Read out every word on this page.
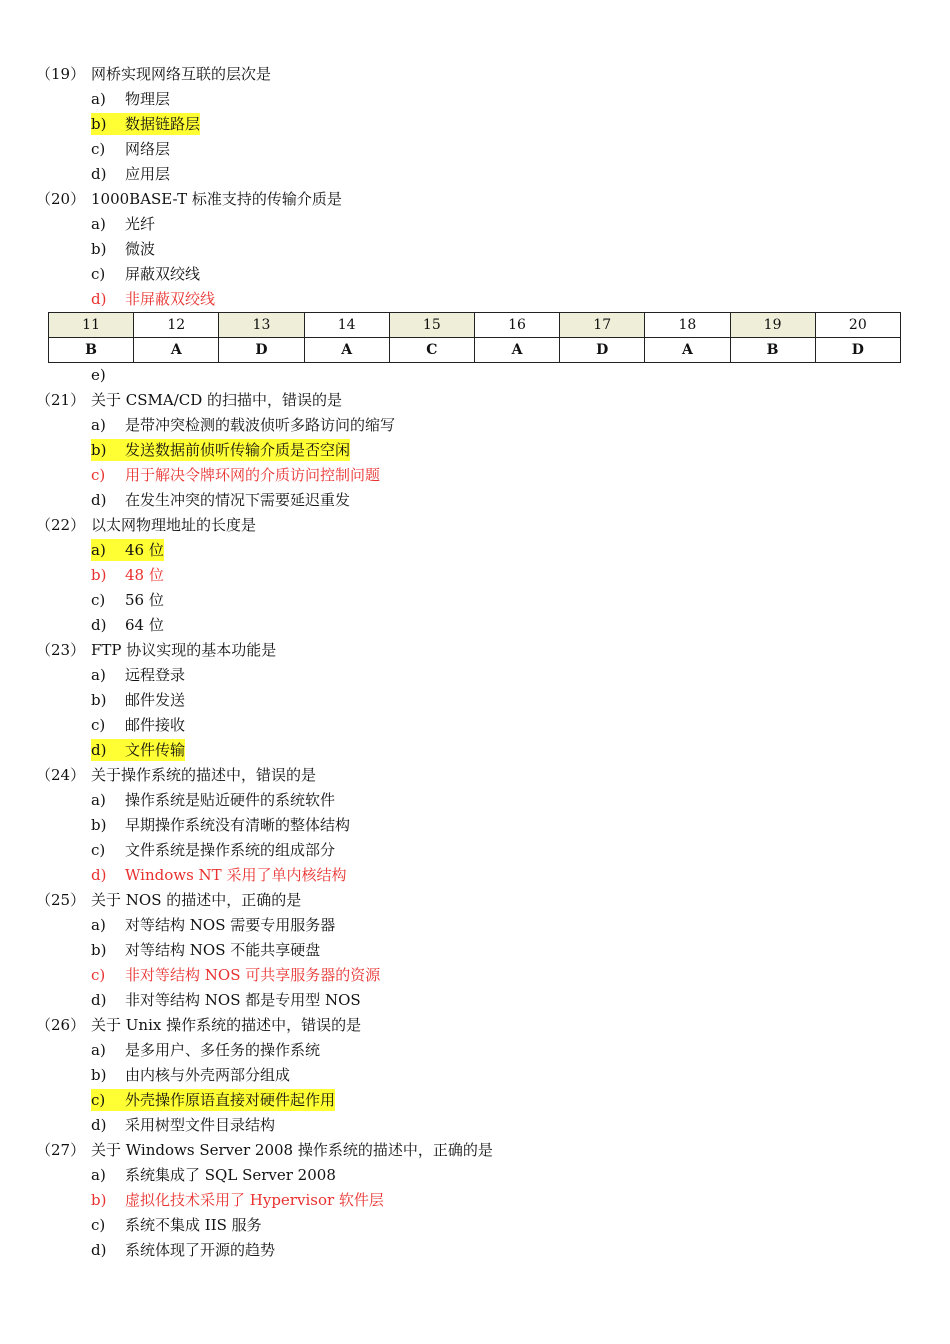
（19） 网桥实现网络互联的层次是
a) 物理层
b) 数据链路层
c) 网络层
d) 应用层
（20） 1000BASE-T 标准支持的传输介质是
a) 光纤
b) 微波
c) 屏蔽双绞线
d) 非屏蔽双绞线
11	12	13	14	15	16	17	18	19	20
B	A	D	A	C	A	D	A	B	D
e)
（21） 关于 CSMA/CD 的扫描中，错误的是
a) 是带冲突检测的载波侦听多路访问的缩写
b) 发送数据前侦听传输介质是否空闲
c) 用于解决令牌环网的介质访问控制问题
d) 在发生冲突的情况下需要延迟重发
（22） 以太网物理地址的长度是
a) 46 位
b) 48 位
c) 56 位
d) 64 位
（23） FTP 协议实现的基本功能是
a) 远程登录
b) 邮件发送
c) 邮件接收
d) 文件传输
（24） 关于操作系统的描述中，错误的是
a) 操作系统是贴近硬件的系统软件
b) 早期操作系统没有清晰的整体结构
c) 文件系统是操作系统的组成部分
d) Windows NT 采用了单内核结构
（25） 关于 NOS 的描述中，正确的是
a) 对等结构 NOS 需要专用服务器
b) 对等结构 NOS 不能共享硬盘
c) 非对等结构 NOS 可共享服务器的资源
d) 非对等结构 NOS 都是专用型 NOS
（26） 关于 Unix 操作系统的描述中，错误的是
a) 是多用户、多任务的操作系统
b) 由内核与外壳两部分组成
c) 外壳操作原语直接对硬件起作用
d) 采用树型文件目录结构
（27） 关于 Windows Server 2008 操作系统的描述中，正确的是
a) 系统集成了 SQL Server 2008
b) 虚拟化技术采用了 Hypervisor 软件层
c) 系统不集成 IIS 服务
d) 系统体现了开源的趋势
